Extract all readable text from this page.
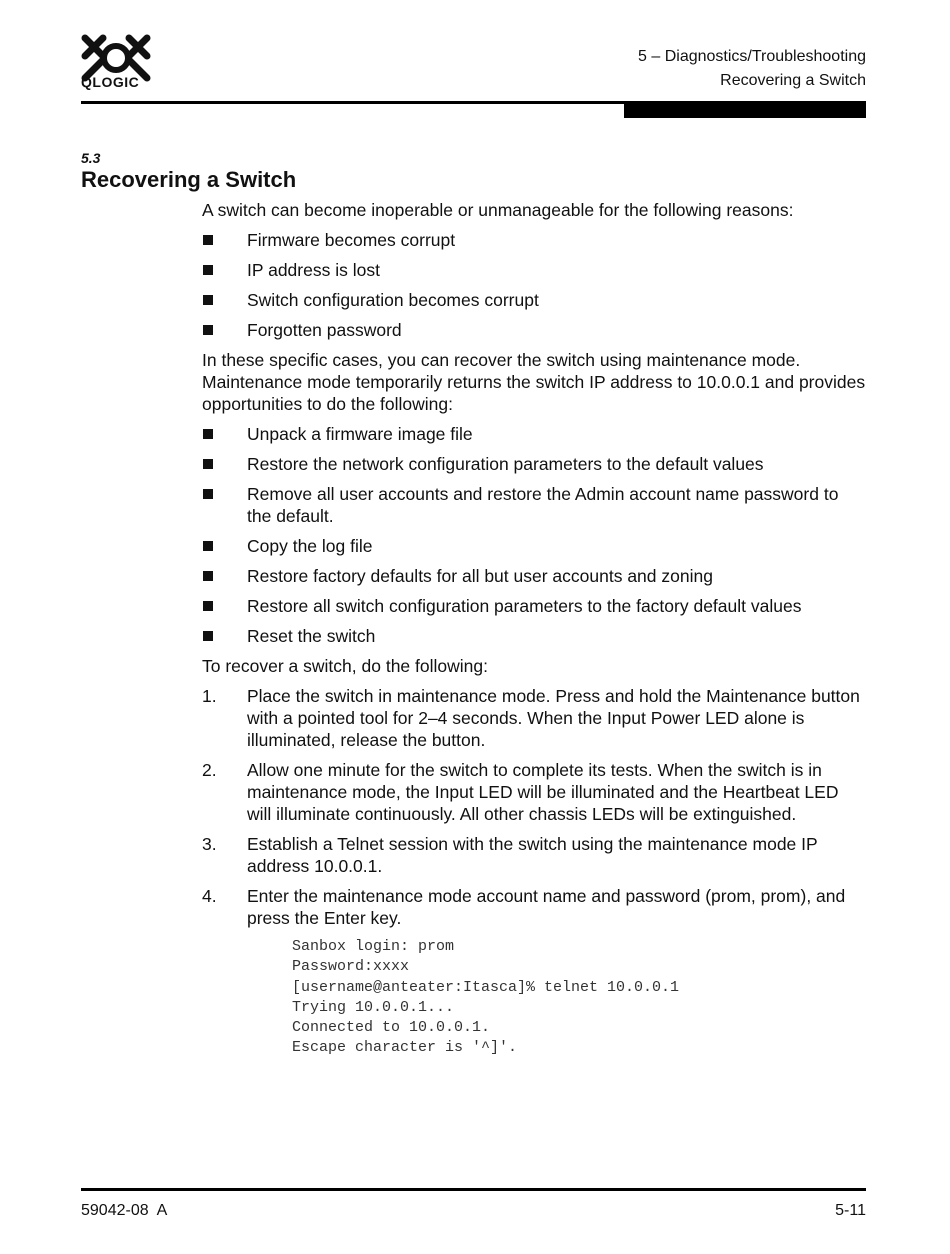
QLOGIC
5 – Diagnostics/Troubleshooting
Recovering a Switch
5.3
Recovering a Switch

A switch can become inoperable or unmanageable for the following reasons:

Firmware becomes corrupt
IP address is lost
Switch configuration becomes corrupt
Forgotten password

In these specific cases, you can recover the switch using maintenance mode. Maintenance mode temporarily returns the switch IP address to 10.0.0.1 and provides opportunities to do the following:

Unpack a firmware image file
Restore the network configuration parameters to the default values
Remove all user accounts and restore the Admin account name password to the default.
Copy the log file
Restore factory defaults for all but user accounts and zoning
Restore all switch configuration parameters to the factory default values
Reset the switch

To recover a switch, do the following:

1. Place the switch in maintenance mode. Press and hold the Maintenance button with a pointed tool for 2–4 seconds. When the Input Power LED alone is illuminated, release the button.
2. Allow one minute for the switch to complete its tests. When the switch is in maintenance mode, the Input LED will be illuminated and the Heartbeat LED will illuminate continuously. All other chassis LEDs will be extinguished.
3. Establish a Telnet session with the switch using the maintenance mode IP address 10.0.0.1.
4. Enter the maintenance mode account name and password (prom, prom), and press the Enter key.
Sanbox login: prom
Password:xxxx
[username@anteater:Itasca]% telnet 10.0.0.1
Trying 10.0.0.1...
Connected to 10.0.0.1.
Escape character is '^]'.
59042-08  A	5-11
